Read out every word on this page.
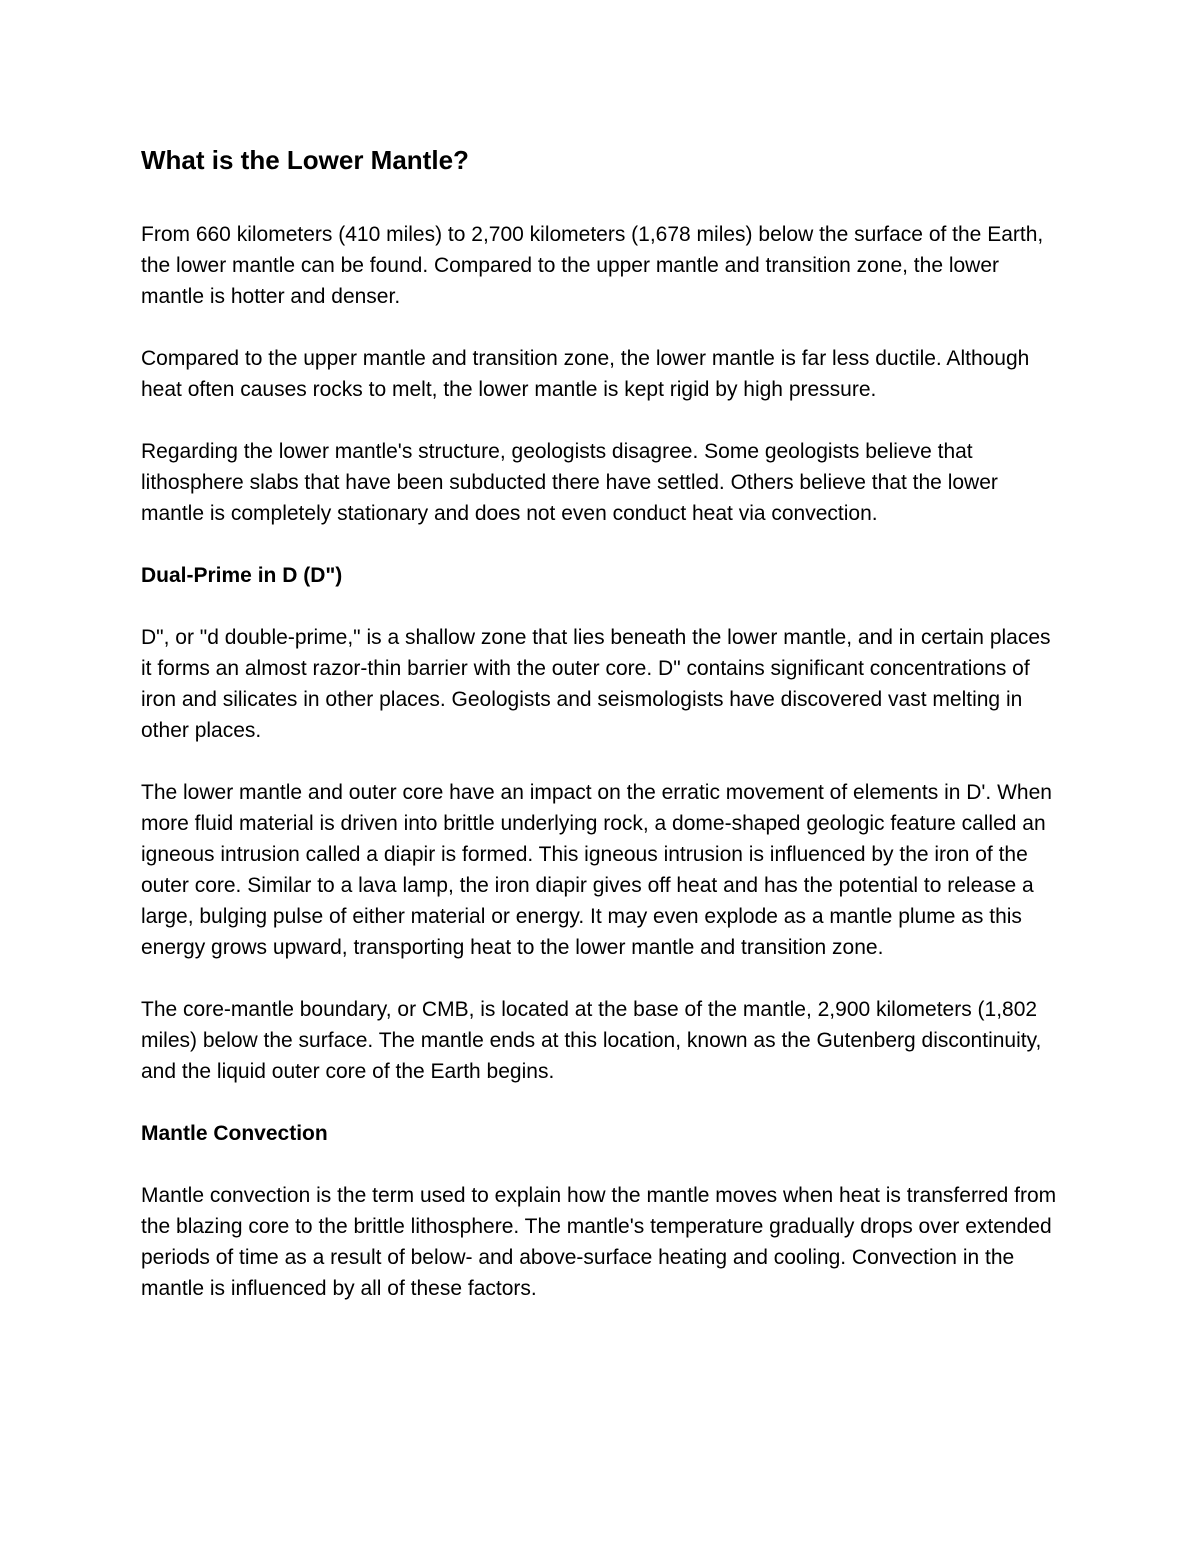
What is the Lower Mantle?

From 660 kilometers (410 miles) to 2,700 kilometers (1,678 miles) below the surface of the Earth, the lower mantle can be found. Compared to the upper mantle and transition zone, the lower mantle is hotter and denser.

Compared to the upper mantle and transition zone, the lower mantle is far less ductile. Although heat often causes rocks to melt, the lower mantle is kept rigid by high pressure.

Regarding the lower mantle's structure, geologists disagree. Some geologists believe that lithosphere slabs that have been subducted there have settled. Others believe that the lower mantle is completely stationary and does not even conduct heat via convection.

Dual-Prime in D (D")

D", or "d double-prime," is a shallow zone that lies beneath the lower mantle, and in certain places it forms an almost razor-thin barrier with the outer core. D" contains significant concentrations of iron and silicates in other places. Geologists and seismologists have discovered vast melting in other places.

The lower mantle and outer core have an impact on the erratic movement of elements in D'. When more fluid material is driven into brittle underlying rock, a dome-shaped geologic feature called an igneous intrusion called a diapir is formed. This igneous intrusion is influenced by the iron of the outer core. Similar to a lava lamp, the iron diapir gives off heat and has the potential to release a large, bulging pulse of either material or energy. It may even explode as a mantle plume as this energy grows upward, transporting heat to the lower mantle and transition zone.

The core-mantle boundary, or CMB, is located at the base of the mantle, 2,900 kilometers (1,802 miles) below the surface. The mantle ends at this location, known as the Gutenberg discontinuity, and the liquid outer core of the Earth begins.

Mantle Convection

Mantle convection is the term used to explain how the mantle moves when heat is transferred from the blazing core to the brittle lithosphere. The mantle's temperature gradually drops over extended periods of time as a result of below- and above-surface heating and cooling. Convection in the mantle is influenced by all of these factors.
